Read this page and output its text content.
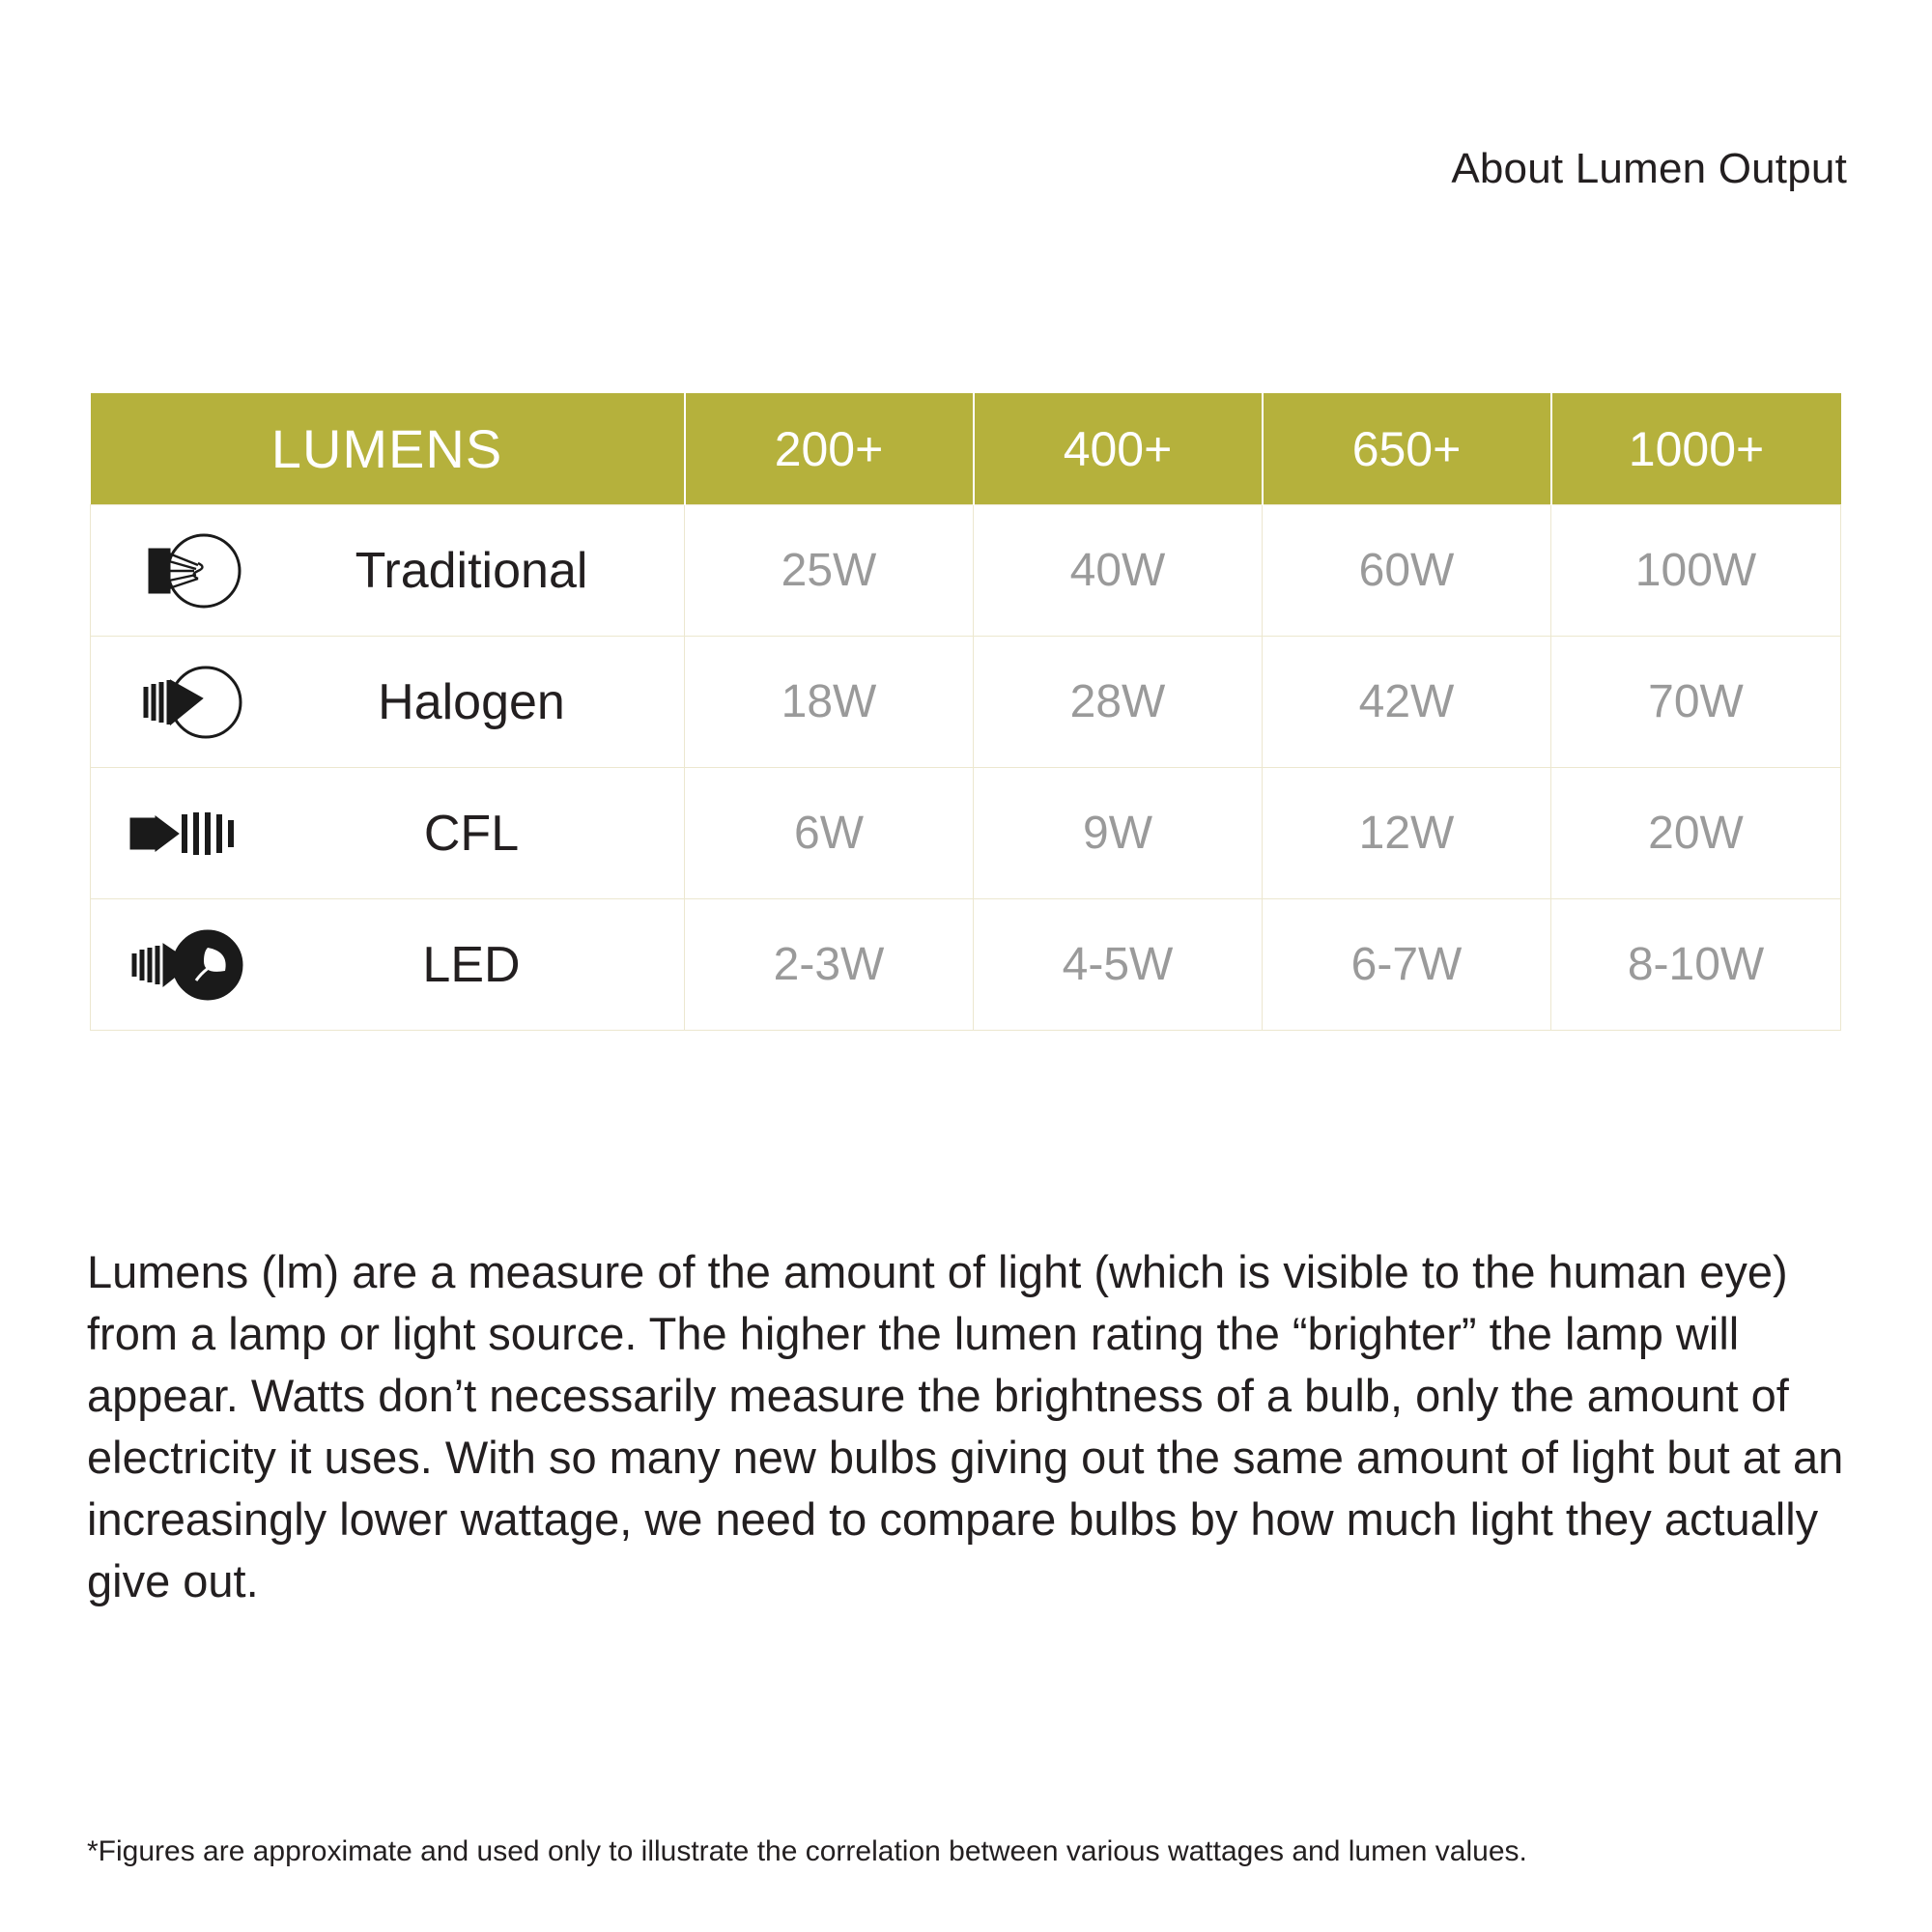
About Lumen Output
LUMENS	200+	400+	650+	1000+

Traditional	25W	40W	60W	100W

Halogen	18W	28W	42W	70W

CFL	6W	9W	12W	20W

LED	2-3W	4-5W	6-7W	8-10W
Lumens (lm) are a measure of the amount of light (which is visible to the human eye) from a lamp or light source. The higher the lumen rating the “brighter” the lamp will appear. Watts don’t necessarily measure the brightness of a bulb, only the amount of electricity it uses. With so many new bulbs giving out the same amount of light but at an increasingly lower wattage, we need to compare bulbs by how much light they actually give out.
*Figures are approximate and used only to illustrate the correlation between various wattages and lumen values.
